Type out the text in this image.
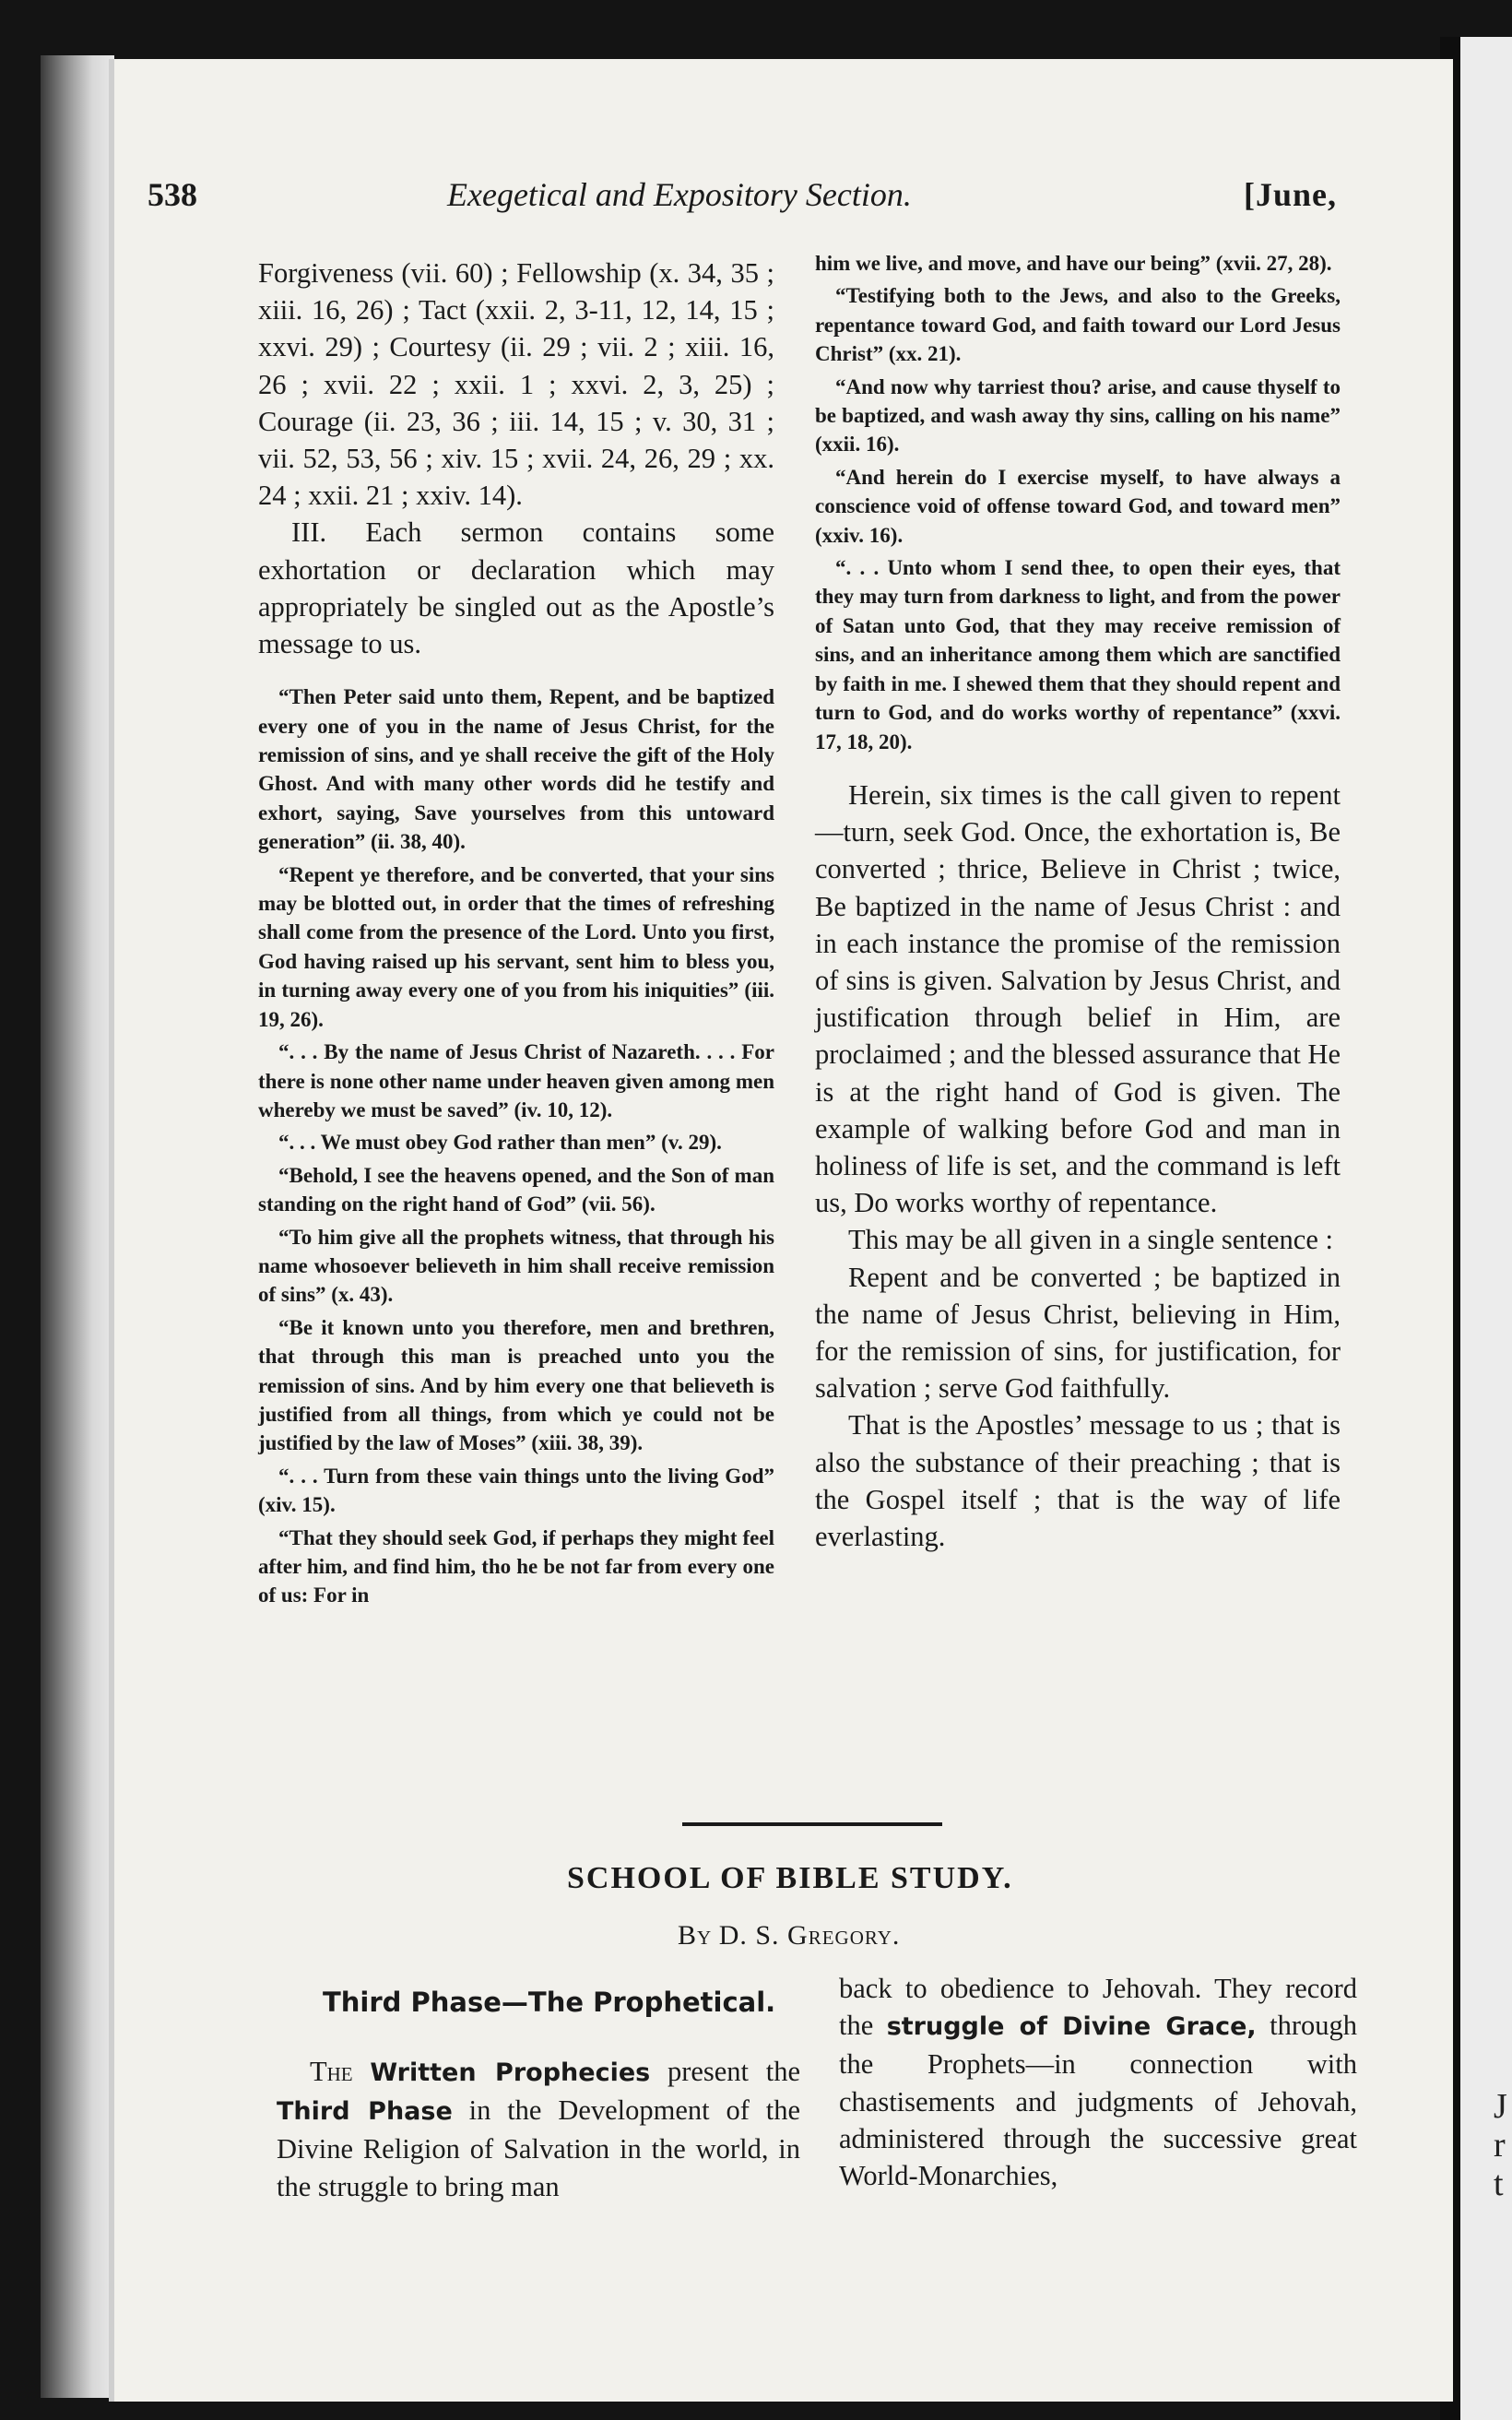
J
r
t
538	Exegetical and Expository Section.	[June,

Forgiveness (vii. 60) ; Fellowship (x. 34, 35 ; xiii. 16, 26) ; Tact (xxii. 2, 3-11, 12, 14, 15 ; xxvi. 29) ; Courtesy (ii. 29 ; vii. 2 ; xiii. 16, 26 ; xvii. 22 ; xxii. 1 ; xxvi. 2, 3, 25) ; Courage (ii. 23, 36 ; iii. 14, 15 ; v. 30, 31 ; vii. 52, 53, 56 ; xiv. 15 ; xvii. 24, 26, 29 ; xx. 24 ; xxii. 21 ; xxiv. 14).

III. Each sermon contains some exhortation or declaration which may appropriately be singled out as the Apostle’s message to us.

“Then Peter said unto them, Repent, and be baptized every one of you in the name of Jesus Christ, for the remission of sins, and ye shall receive the gift of the Holy Ghost. And with many other words did he testify and exhort, saying, Save yourselves from this untoward generation” (ii. 38, 40).

“Repent ye therefore, and be converted, that your sins may be blotted out, in order that the times of refreshing shall come from the presence of the Lord. Unto you first, God having raised up his servant, sent him to bless you, in turning away every one of you from his iniquities” (iii. 19, 26).

“. . . By the name of Jesus Christ of Nazareth. . . . For there is none other name under heaven given among men whereby we must be saved” (iv. 10, 12).

“. . . We must obey God rather than men” (v. 29).

“Behold, I see the heavens opened, and the Son of man standing on the right hand of God” (vii. 56).

“To him give all the prophets witness, that through his name whosoever believeth in him shall receive remission of sins” (x. 43).

“Be it known unto you therefore, men and brethren, that through this man is preached unto you the remission of sins. And by him every one that believeth is justified from all things, from which ye could not be justified by the law of Moses” (xiii. 38, 39).

“. . . Turn from these vain things unto the living God” (xiv. 15).

“That they should seek God, if perhaps they might feel after him, and find him, tho he be not far from every one of us: For in

him we live, and move, and have our being” (xvii. 27, 28).

“Testifying both to the Jews, and also to the Greeks, repentance toward God, and faith toward our Lord Jesus Christ” (xx. 21).

“And now why tarriest thou? arise, and cause thyself to be baptized, and wash away thy sins, calling on his name” (xxii. 16).

“And herein do I exercise myself, to have always a conscience void of offense toward God, and toward men” (xxiv. 16).

“. . . Unto whom I send thee, to open their eyes, that they may turn from darkness to light, and from the power of Satan unto God, that they may receive remission of sins, and an inheritance among them which are sanctified by faith in me. I shewed them that they should repent and turn to God, and do works worthy of repentance” (xxvi. 17, 18, 20).

Herein, six times is the call given to repent—turn, seek God. Once, the exhortation is, Be converted ; thrice, Believe in Christ ; twice, Be baptized in the name of Jesus Christ : and in each instance the promise of the remission of sins is given. Salvation by Jesus Christ, and justification through belief in Him, are proclaimed ; and the blessed assurance that He is at the right hand of God is given. The example of walking before God and man in holiness of life is set, and the command is left us, Do works worthy of repentance.

This may be all given in a single sentence :

Repent and be converted ; be baptized in the name of Jesus Christ, believing in Him, for the remission of sins, for justification, for salvation ; serve God faithfully.

That is the Apostles’ message to us ; that is also the substance of their preaching ; that is the Gospel itself ; that is the way of life everlasting.

SCHOOL OF BIBLE STUDY.
By D. S. Gregory.
Third Phase—The Prophetical.

The Written Prophecies present the Third Phase in the Development of the Divine Religion of Salvation in the world, in the struggle to bring man

back to obedience to Jehovah. They record the struggle of Divine Grace, through the Prophets—in connection with chastisements and judgments of Jehovah, administered through the successive great World-Monarchies,
